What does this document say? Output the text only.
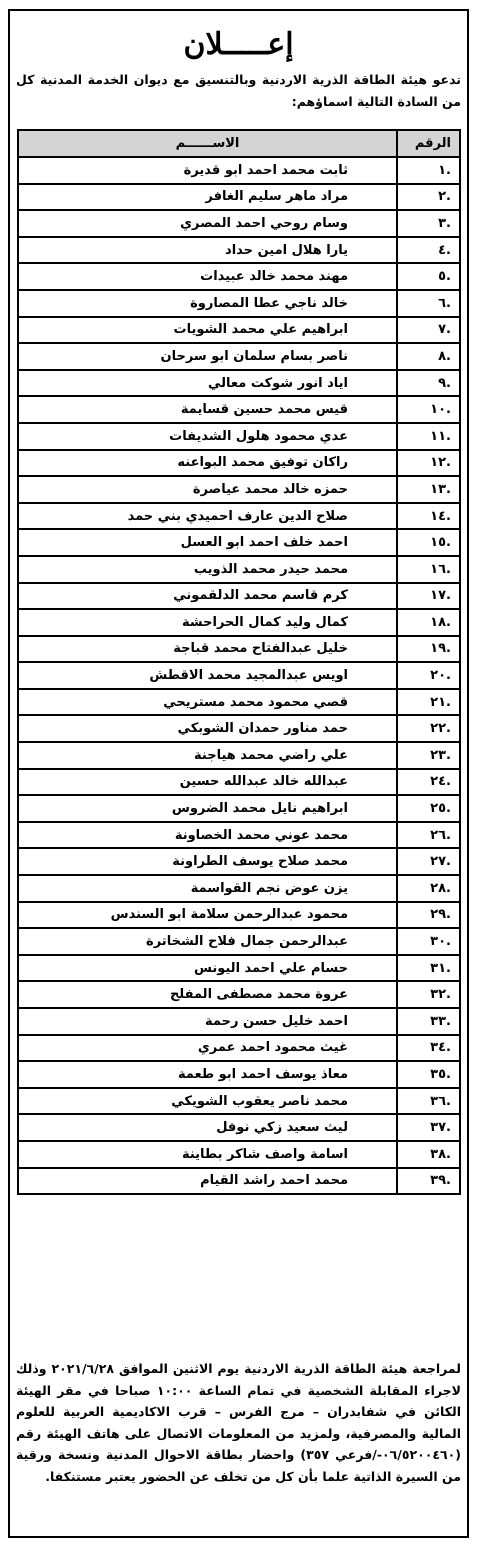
إعـــــلان
تدعو هيئة الطاقة الذرية الاردنية وبالتنسيق مع ديوان الخدمة المدنية كل من السادة التالية اسماؤهم:
الرقم	الاســــــم
.١	ثابت محمد احمد ابو قديرة
.٢	مراد ماهر سليم الغافر
.٣	وسام روحي احمد المصري
.٤	يارا هلال امين حداد
.٥	مهند محمد خالد عبيدات
.٦	خالد ناجي عطا المصاروة
.٧	ابراهيم علي محمد الشويات
.٨	ناصر بسام سلمان ابو سرحان
.٩	اياد انور شوكت معالي
.١٠	قيس محمد حسين قسايمة
.١١	عدي محمود هلول الشديفات
.١٢	راكان توفيق محمد البواعنه
.١٣	حمزه خالد محمد عياصرة
.١٤	صلاح الدين عارف احميدي بني حمد
.١٥	احمد خلف احمد ابو العسل
.١٦	محمد حيدر محمد الذويب
.١٧	كرم قاسم محمد الدلقموني
.١٨	كمال وليد كمال الحراحشة
.١٩	خليل عبدالفتاح محمد قباجة
.٢٠	اويس عبدالمجيد محمد الاقطش
.٢١	قصي محمود محمد مستريحي
.٢٢	حمد مناور حمدان الشوبكي
.٢٣	علي راضي محمد هياجنة
.٢٤	عبدالله خالد عبدالله حسين
.٢٥	ابراهيم نايل محمد الضروس
.٢٦	محمد عوني محمد الخصاونة
.٢٧	محمد صلاح يوسف الطراونة
.٢٨	يزن عوض نجم القواسمة
.٢٩	محمود عبدالرحمن سلامة ابو السندس
.٣٠	عبدالرحمن جمال فلاح الشخاترة
.٣١	حسام علي احمد اليونس
.٣٢	عروة محمد مصطفى المفلح
.٣٣	احمد خليل حسن رحمة
.٣٤	غيث محمود احمد عمري
.٣٥	معاذ يوسف احمد ابو طعمة
.٣٦	محمد ناصر يعقوب الشويكي
.٣٧	ليث سعيد زكي نوفل
.٣٨	اسامة واصف شاكر بطاينة
.٣٩	محمد احمد راشد القيام
لمراجعة هيئة الطاقة الذرية الاردنية يوم الاثنين الموافق ٢٠٢١/٦/٢٨ وذلك لاجراء المقابلة الشخصية في تمام الساعة ١٠:٠٠ صباحا في مقر الهيئة الكائن في شفابدران – مرج الفرس – قرب الاكاديمية العربية للعلوم المالية والمصرفية، ولمزيد من المعلومات الاتصال على هاتف الهيئة رقم (٠٦/٥٢٠٠٤٦٠-/فرعي ٣٥٧) واحضار بطاقة الاحوال المدنية ونسخة ورقية من السيرة الذاتية علما بأن كل من تخلف عن الحضور يعتبر مستنكفا.
